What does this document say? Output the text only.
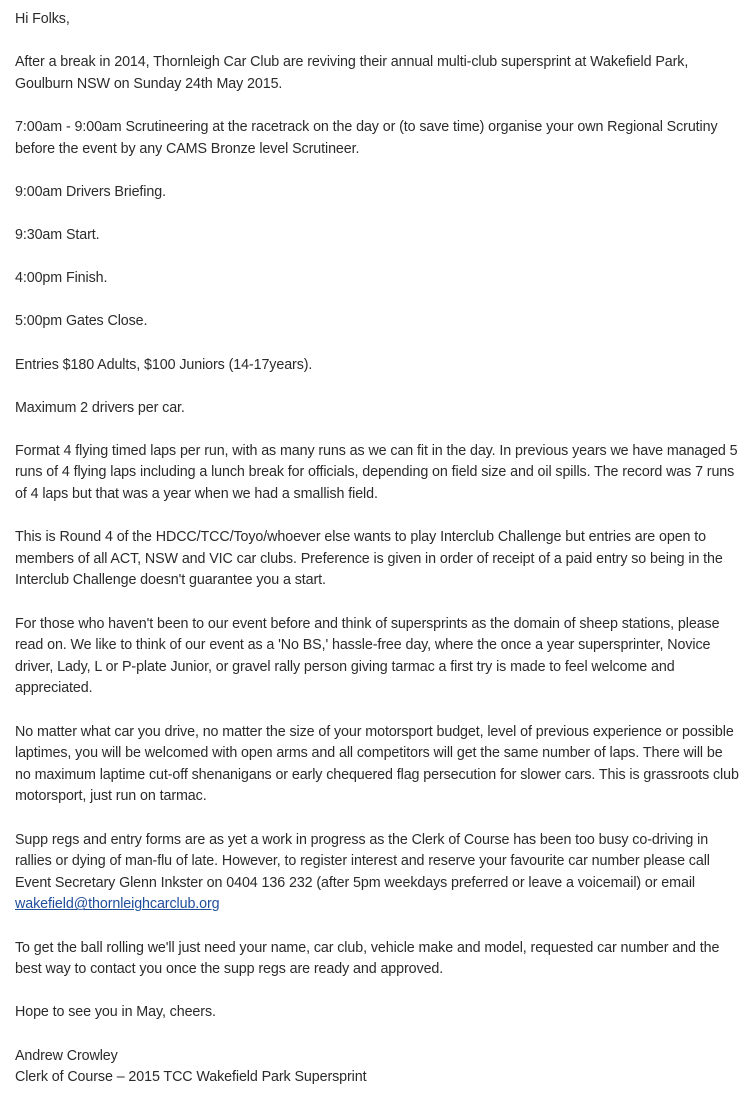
Hi Folks,

After a break in 2014, Thornleigh Car Club are reviving their annual multi-club supersprint at Wakefield Park, Goulburn NSW on Sunday 24th May 2015.

7:00am - 9:00am Scrutineering at the racetrack on the day or (to save time) organise your own Regional Scrutiny before the event by any CAMS Bronze level Scrutineer.

9:00am Drivers Briefing.

9:30am Start.

4:00pm Finish.

5:00pm Gates Close.

Entries $180 Adults, $100 Juniors (14-17years).

Maximum 2 drivers per car.

Format 4 flying timed laps per run, with as many runs as we can fit in the day. In previous years we have managed 5 runs of 4 flying laps including a lunch break for officials, depending on field size and oil spills. The record was 7 runs of 4 laps but that was a year when we had a smallish field.

This is Round 4 of the HDCC/TCC/Toyo/whoever else wants to play Interclub Challenge but entries are open to members of all ACT, NSW and VIC car clubs. Preference is given in order of receipt of a paid entry so being in the Interclub Challenge doesn't guarantee you a start.

For those who haven't been to our event before and think of supersprints as the domain of sheep stations, please read on. We like to think of our event as a 'No BS,' hassle-free day, where the once a year supersprinter, Novice driver, Lady, L or P-plate Junior, or gravel rally person giving tarmac a first try is made to feel welcome and appreciated.

No matter what car you drive, no matter the size of your motorsport budget, level of previous experience or possible laptimes, you will be welcomed with open arms and all competitors will get the same number of laps. There will be no maximum laptime cut-off shenanigans or early chequered flag persecution for slower cars. This is grassroots club motorsport, just run on tarmac.

Supp regs and entry forms are as yet a work in progress as the Clerk of Course has been too busy co-driving in rallies or dying of man-flu of late. However, to register interest and reserve your favourite car number please call Event Secretary Glenn Inkster on 0404 136 232 (after 5pm weekdays preferred or leave a voicemail) or email wakefield@thornleighcarclub.org

To get the ball rolling we'll just need your name, car club, vehicle make and model, requested car number and the best way to contact you once the supp regs are ready and approved.

Hope to see you in May, cheers.

Andrew Crowley
Clerk of Course – 2015 TCC Wakefield Park Supersprint
